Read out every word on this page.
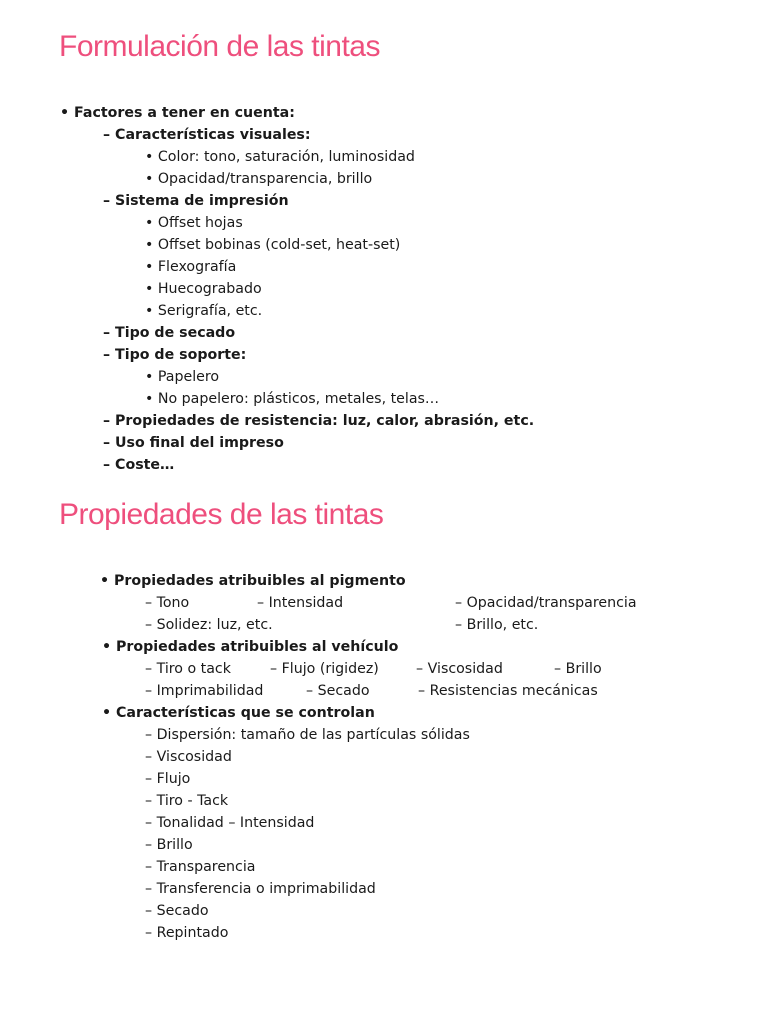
Formulación de las tintas
• Factores a tener en cuenta:
– Características visuales:
• Color: tono, saturación, luminosidad
• Opacidad/transparencia, brillo
– Sistema de impresión
• Offset hojas
• Offset bobinas (cold-set, heat-set)
• Flexografía
• Huecograbado
• Serigrafía, etc.
– Tipo de secado
– Tipo de soporte:
• Papelero
• No papelero: plásticos, metales, telas…
– Propiedades de resistencia: luz, calor, abrasión, etc.
– Uso final del impreso
– Coste…
Propiedades de las tintas
• Propiedades atribuibles al pigmento
– Tono	– Intensidad	– Opacidad/transparencia
– Solidez: luz, etc.	– Brillo, etc.
• Propiedades atribuibles al vehículo
– Tiro o tack	– Flujo (rigidez)	– Viscosidad	– Brillo
– Imprimabilidad	– Secado	– Resistencias mecánicas
• Características que se controlan
– Dispersión: tamaño de las partículas sólidas
– Viscosidad
– Flujo
– Tiro - Tack
– Tonalidad – Intensidad
– Brillo
– Transparencia
– Transferencia o imprimabilidad
– Secado
– Repintado
